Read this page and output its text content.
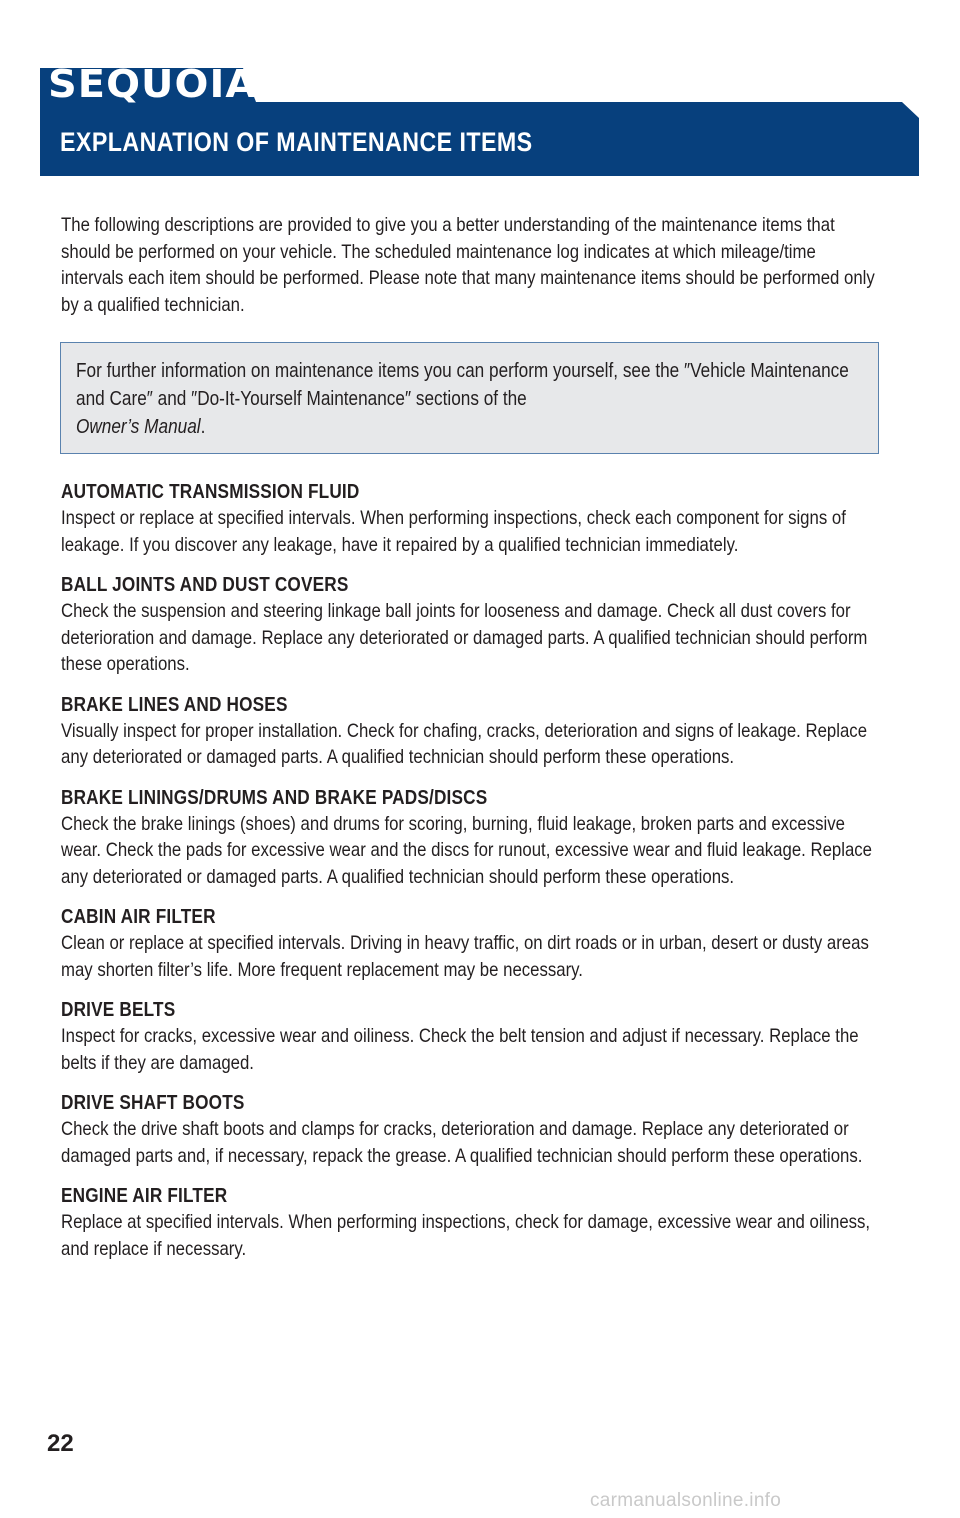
SEQUOIA
EXPLANATION OF MAINTENANCE ITEMS

The following descriptions are provided to give you a better understanding of the maintenance items that should be performed on your vehicle. The scheduled maintenance log indicates at which mileage/time intervals each item should be performed. Please note that many maintenance items should be performed only by a qualified technician.

For further information on maintenance items you can perform yourself, see the ″Vehicle Maintenance and Care″ and ″Do-It-Yourself Maintenance″ sections of the
Owner’s Manual.

AUTOMATIC TRANSMISSION FLUID

Inspect or replace at specified intervals. When performing inspections, check each component for signs of leakage. If you discover any leakage, have it repaired by a qualified technician immediately.

BALL JOINTS AND DUST COVERS

Check the suspension and steering linkage ball joints for looseness and damage. Check all dust covers for deterioration and damage. Replace any deteriorated or damaged parts. A qualified technician should perform these operations.

BRAKE LINES AND HOSES

Visually inspect for proper installation. Check for chafing, cracks, deterioration and signs of leakage. Replace any deteriorated or damaged parts. A qualified technician should perform these operations.

BRAKE LININGS/DRUMS AND BRAKE PADS/DISCS

Check the brake linings (shoes) and drums for scoring, burning, fluid leakage, broken parts and excessive wear. Check the pads for excessive wear and the discs for runout, excessive wear and fluid leakage. Replace any deteriorated or damaged parts. A qualified technician should perform these operations.

CABIN AIR FILTER

Clean or replace at specified intervals. Driving in heavy traffic, on dirt roads or in urban, desert or dusty areas may shorten filter’s life. More frequent replacement may be necessary.

DRIVE BELTS

Inspect for cracks, excessive wear and oiliness. Check the belt tension and adjust if necessary. Replace the belts if they are damaged.

DRIVE SHAFT BOOTS

Check the drive shaft boots and clamps for cracks, deterioration and damage. Replace any deteriorated or damaged parts and, if necessary, repack the grease. A qualified technician should perform these operations.

ENGINE AIR FILTER

Replace at specified intervals. When performing inspections, check for damage, excessive wear and oiliness, and replace if necessary.

22
carmanualsonline.info
